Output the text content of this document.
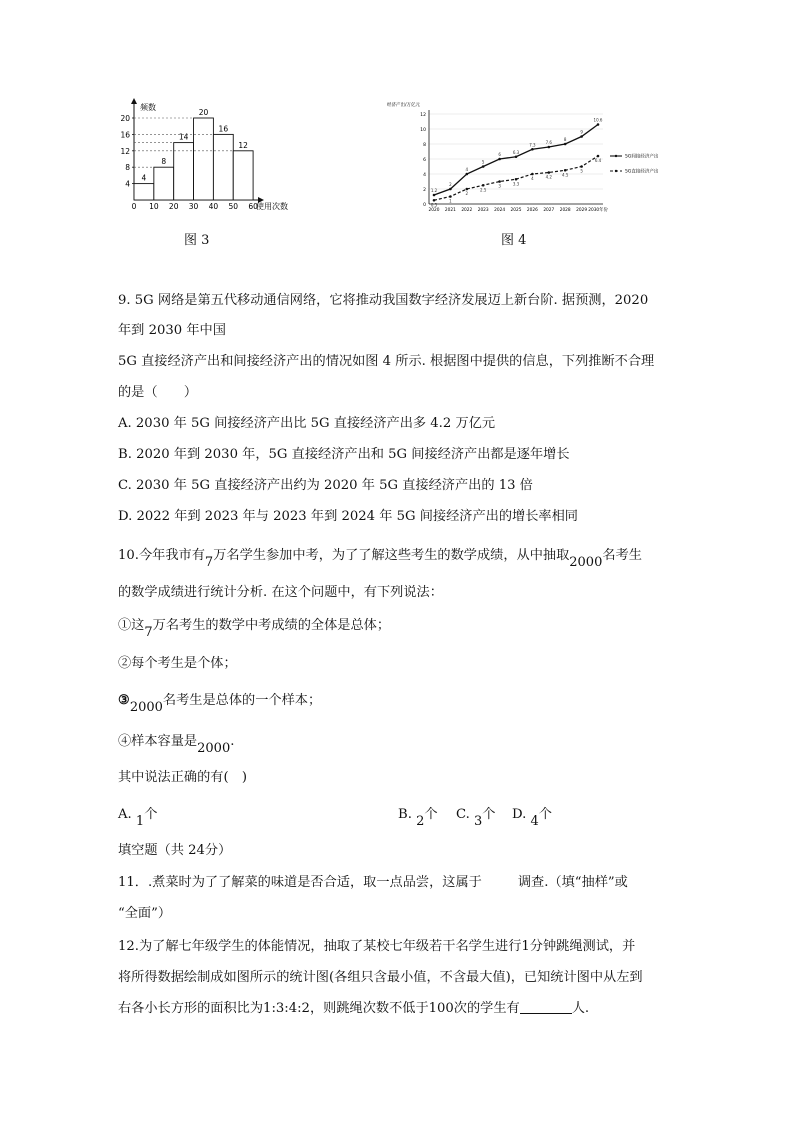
频数
使用次数
4
8
12
16
20
4
8
14
20
16
12
0 10 20 30 40 50 60
图 3
0
2
4
6
8
10
12
经济产出/万亿元
2020 2021 2022 2023 2024 2025 2026 2027 2028 2029 2030年份
1.2
2
4
5
6	6.3
7.3	7.6
8
9
10.6
0.5
1
2
2.5
3	3.3
4	4.2	4.5
5
6.4
5G间接经济产出
5G直接经济产出
图 4
9. 5G 网络是第五代移动通信网络，它将推动我国数字经济发展迈上新台阶. 据预测，2020
年到 2030 年中国
5G 直接经济产出和间接经济产出的情况如图 4 所示. 根据图中提供的信息，下列推断不合理
的是（　　）
A. 2030 年 5G 间接经济产出比 5G 直接经济产出多 4.2 万亿元
B. 2020 年到 2030 年，5G 直接经济产出和 5G 间接经济产出都是逐年增长
C. 2030 年 5G 直接经济产出约为 2020 年 5G 直接经济产出的 13 倍
D. 2022 年到 2023 年与 2023 年到 2024 年 5G 间接经济产出的增长率相同
10.今年我市有7万名学生参加中考，为了了解这些考生的数学成绩，从中抽取2000名考生
的数学成绩进行统计分析. 在这个问题中，有下列说法：
①这7万名考生的数学中考成绩的全体是总体；
②每个考生是个体；
③2000名考生是总体的一个样本；
④样本容量是2000.
其中说法正确的有(　)
A. 1个	B. 2个 C. 3个 D. 4个
填空题（共 24分）
11．.煮菜时为了了解菜的味道是否合适，取一点品尝，这属于	调查.（填“抽样”或
“全面”）
12.为了解七年级学生的体能情况，抽取了某校七年级若干名学生进行1分钟跳绳测试，并
将所得数据绘制成如图所示的统计图(各组只含最小值，不含最大值)，已知统计图中从左到
右各小长方形的面积比为1:3:4:2，则跳绳次数不低于100次的学生有	人.
